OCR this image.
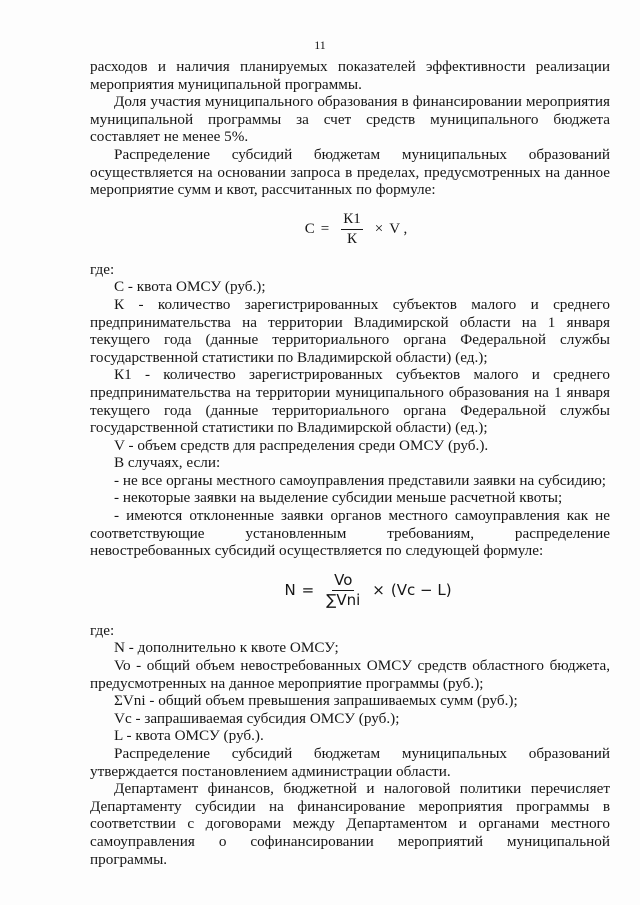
11

расходов и наличия планируемых показателей эффективности реализации мероприятия муниципальной программы.

Доля участия муниципального образования в финансировании мероприятия муниципальной программы за счет средств муниципального бюджета составляет не менее 5%.

Распределение субсидий бюджетам муниципальных образований осуществляется на основании запроса в пределах, предусмотренных на данное мероприятие сумм и квот, рассчитанных по формуле:

$С = \frac{К1}{К} \times V$ ,

где:

С - квота ОМСУ (руб.);

К - количество зарегистрированных субъектов малого и среднего предпринимательства на территории Владимирской области на 1 января текущего года (данные территориального органа Федеральной службы государственной статистики по Владимирской области) (ед.);

К1 - количество зарегистрированных субъектов малого и среднего предпринимательства на территории муниципального образования на 1 января текущего года (данные территориального органа Федеральной службы государственной статистики по Владимирской области) (ед.);

V - объем средств для распределения среди ОМСУ (руб.).

В случаях, если:

- не все органы местного самоуправления представили заявки на субсидию;

- некоторые заявки на выделение субсидии меньше расчетной квоты;

- имеются отклоненные заявки органов местного самоуправления как не соответствующие установленным требованиям, распределение невостребованных субсидий осуществляется по следующей формуле:

$N = \frac{Vo}{\text{∑Vni}} \times (Vc - L)$

где:

N - дополнительно к квоте ОМСУ;

Vo - общий объем невостребованных ОМСУ средств областного бюджета, предусмотренных на данное мероприятие программы (руб.);

ΣVni - общий объем превышения запрашиваемых сумм (руб.);

Vc - запрашиваемая субсидия ОМСУ (руб.);

L - квота ОМСУ (руб.).

Распределение субсидий бюджетам муниципальных образований утверждается постановлением администрации области.

Департамент финансов, бюджетной и налоговой политики перечисляет Департаменту субсидии на финансирование мероприятия программы в соответствии с договорами между Департаментом и органами местного самоуправления о софинансировании мероприятий муниципальной программы.
